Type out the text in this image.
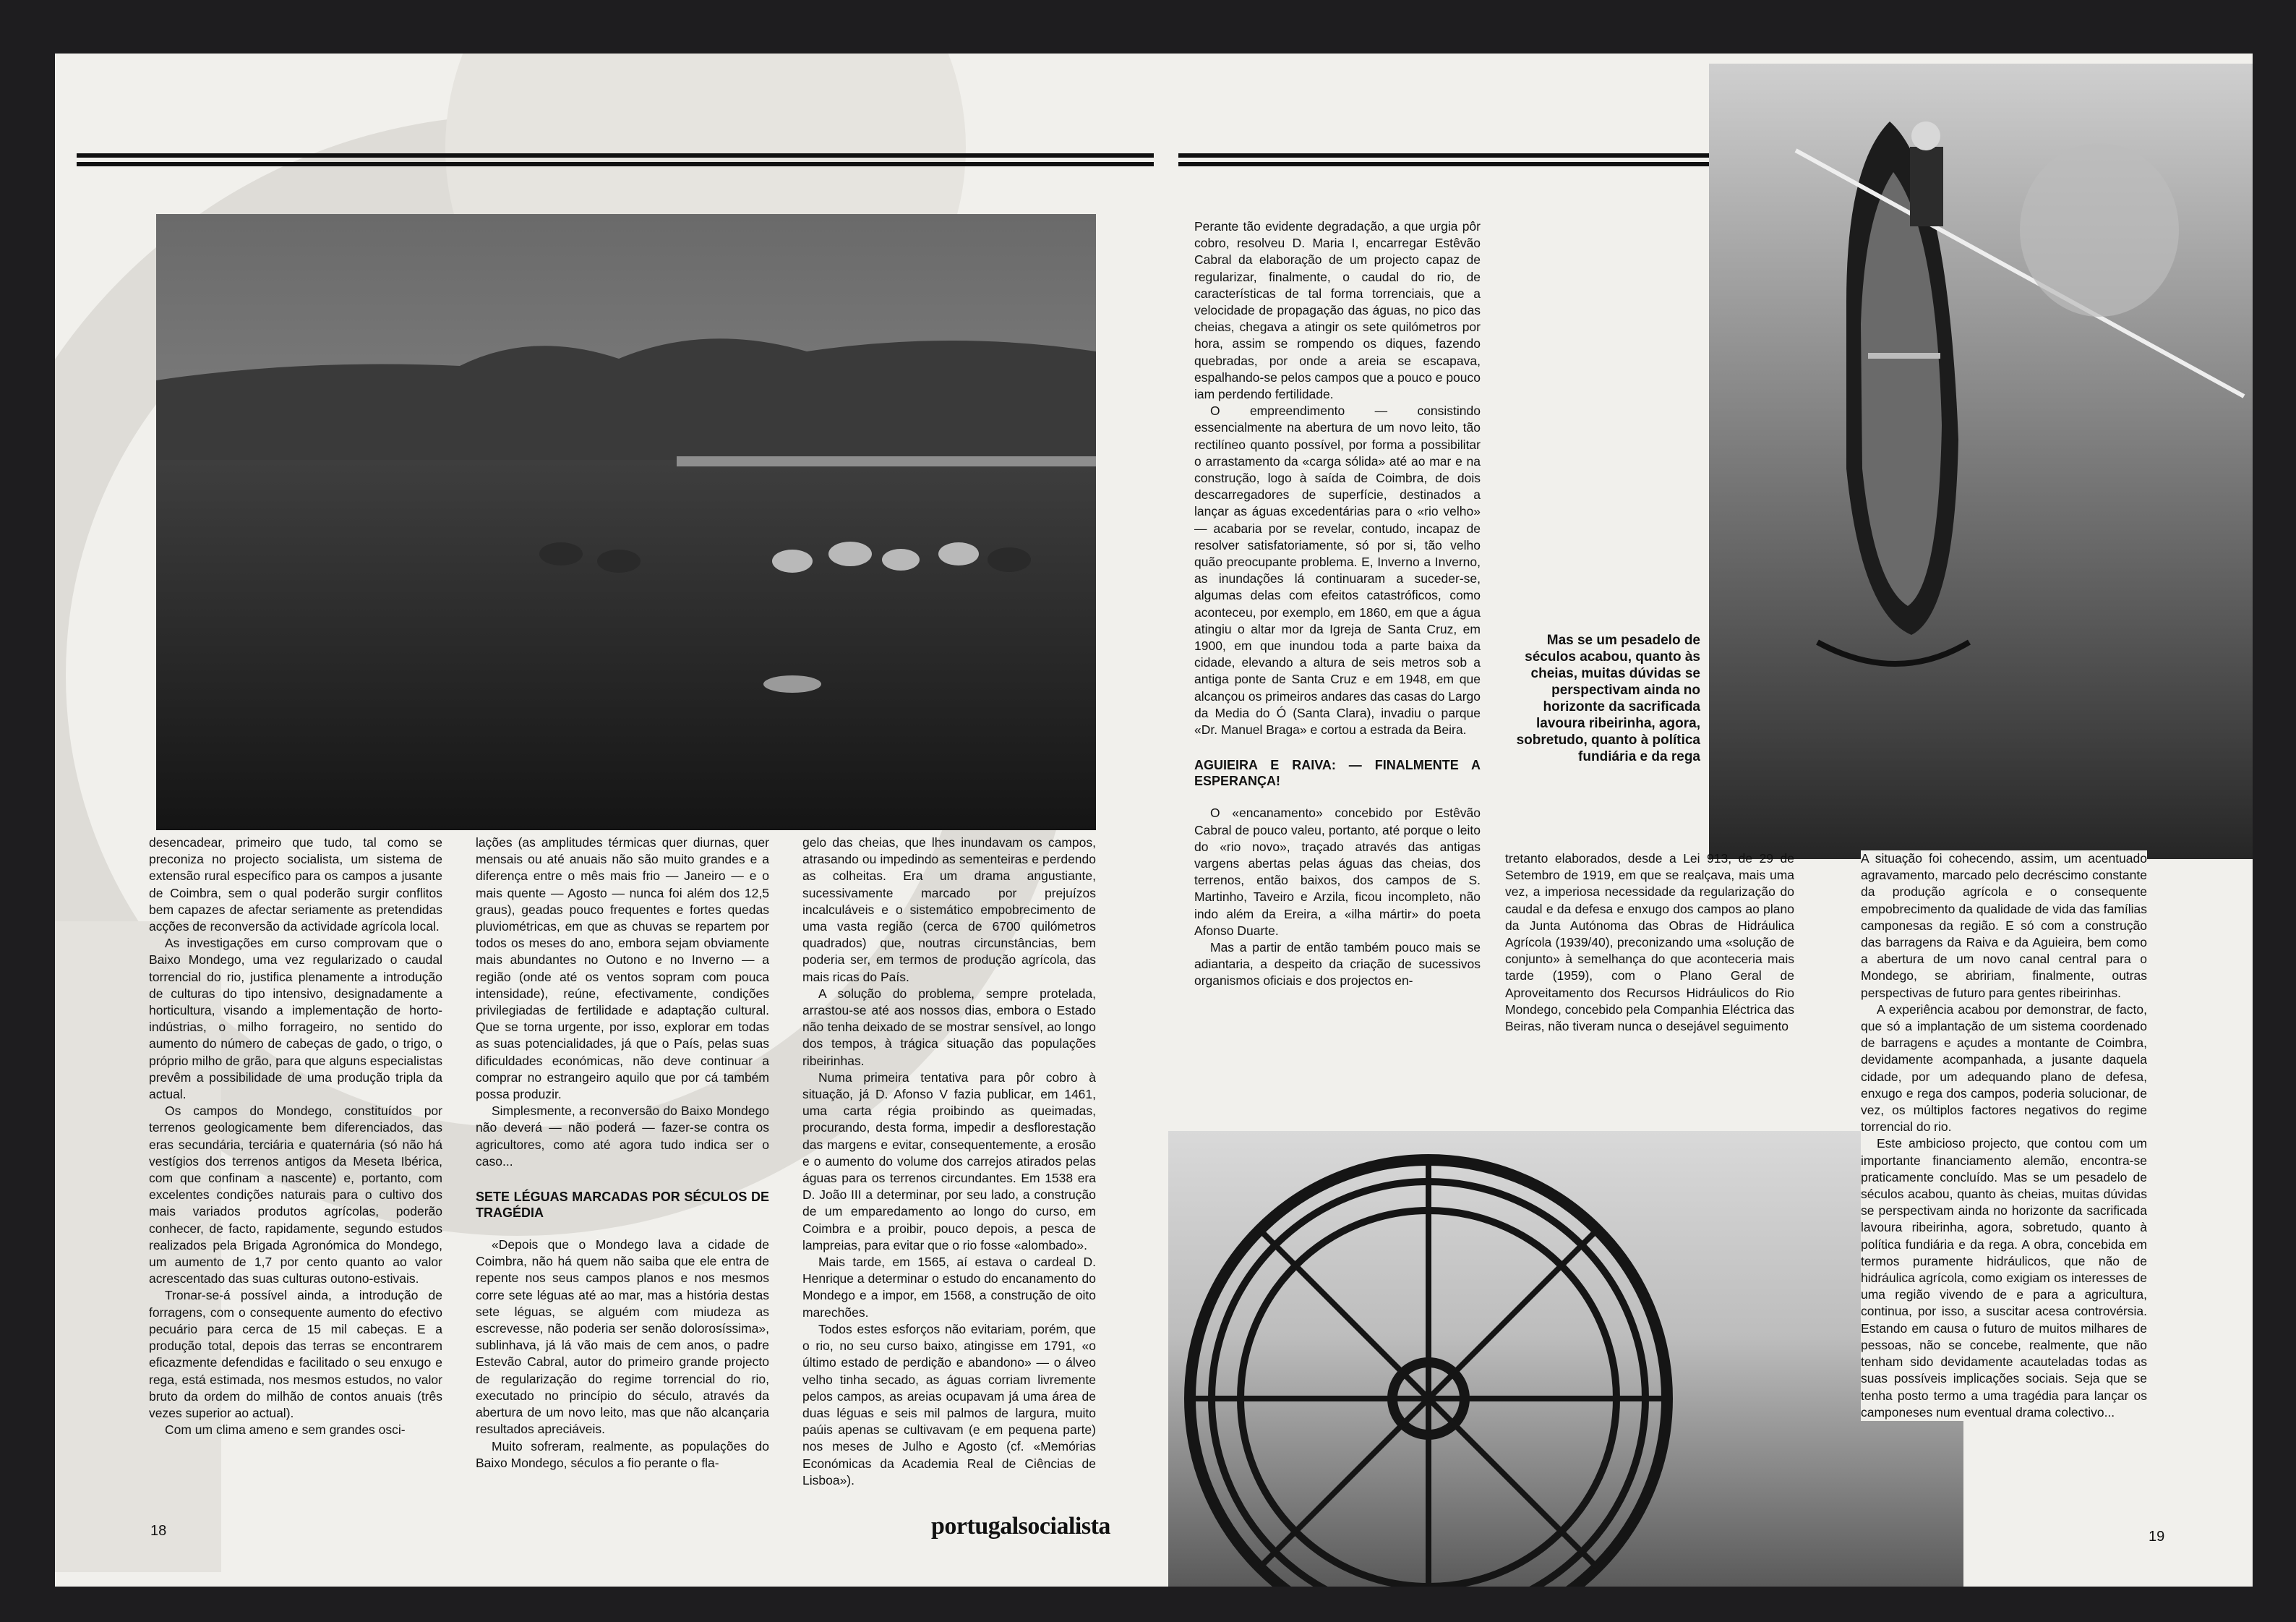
desencadear, primeiro que tudo, tal como se preconiza no projecto socialista, um sistema de extensão rural específico para os campos a jusante de Coimbra, sem o qual poderão surgir conflitos bem capazes de afectar seriamente as pretendidas acções de reconversão da actividade agrícola local.

As investigações em curso comprovam que o Baixo Mondego, uma vez regularizado o caudal torrencial do rio, justifica plenamente a introdução de culturas do tipo intensivo, designadamente a horticultura, visando a implementação de horto-indústrias, o milho forrageiro, no sentido do aumento do número de cabeças de gado, o trigo, o próprio milho de grão, para que alguns especialistas prevêm a possibilidade de uma produção tripla da actual.

Os campos do Mondego, constituídos por terrenos geologicamente bem diferenciados, das eras secundária, terciária e quaternária (só não há vestígios dos terrenos antigos da Meseta Ibérica, com que confinam a nascente) e, portanto, com excelentes condições naturais para o cultivo dos mais variados produtos agrícolas, poderão conhecer, de facto, rapidamente, segundo estudos realizados pela Brigada Agronómica do Mondego, um aumento de 1,7 por cento quanto ao valor acrescentado das suas culturas outono-estivais.

Tronar-se-á possível ainda, a introdução de forragens, com o consequente aumento do efectivo pecuário para cerca de 15 mil cabeças. E a produção total, depois das terras se encontrarem eficazmente defendidas e facilitado o seu enxugo e rega, está estimada, nos mesmos estudos, no valor bruto da ordem do milhão de contos anuais (três vezes superior ao actual).

Com um clima ameno e sem grandes osci-

lações (as amplitudes térmicas quer diurnas, quer mensais ou até anuais não são muito grandes e a diferença entre o mês mais frio — Janeiro — e o mais quente — Agosto — nunca foi além dos 12,5 graus), geadas pouco frequentes e fortes quedas pluviométricas, em que as chuvas se repartem por todos os meses do ano, embora sejam obviamente mais abundantes no Outono e no Inverno — a região (onde até os ventos sopram com pouca intensidade), reúne, efectivamente, condições privilegiadas de fertilidade e adaptação cultural. Que se torna urgente, por isso, explorar em todas as suas potencialidades, já que o País, pelas suas dificuldades económicas, não deve continuar a comprar no estrangeiro aquilo que por cá também possa produzir.

Simplesmente, a reconversão do Baixo Mondego não deverá — não poderá — fazer-se contra os agricultores, como até agora tudo indica ser o caso...

SETE LÉGUAS MARCADAS POR SÉCULOS DE TRAGÉDIA

«Depois que o Mondego lava a cidade de Coimbra, não há quem não saiba que ele entra de repente nos seus campos planos e nos mesmos corre sete léguas até ao mar, mas a história destas sete léguas, se alguém com miudeza as escrevesse, não poderia ser senão dolorosíssima», sublinhava, já lá vão mais de cem anos, o padre Estevão Cabral, autor do primeiro grande projecto de regularização do regime torrencial do rio, executado no princípio do século, através da abertura de um novo leito, mas que não alcançaria resultados apreciáveis.

Muito sofreram, realmente, as populações do Baixo Mondego, séculos a fio perante o fla-

gelo das cheias, que lhes inundavam os campos, atrasando ou impedindo as sementeiras e perdendo as colheitas. Era um drama angustiante, sucessivamente marcado por prejuízos incalculáveis e o sistemático empobrecimento de uma vasta região (cerca de 6700 quilómetros quadrados) que, noutras circunstâncias, bem poderia ser, em termos de produção agrícola, das mais ricas do País.

A solução do problema, sempre protelada, arrastou-se até aos nossos dias, embora o Estado não tenha deixado de se mostrar sensível, ao longo dos tempos, à trágica situação das populações ribeirinhas.

Numa primeira tentativa para pôr cobro à situação, já D. Afonso V fazia publicar, em 1461, uma carta régia proibindo as queimadas, procurando, desta forma, impedir a desflorestação das margens e evitar, consequentemente, a erosão e o aumento do volume dos carrejos atirados pelas águas para os terrenos circundantes. Em 1538 era D. João III a determinar, por seu lado, a construção de um emparedamento ao longo do curso, em Coimbra e a proibir, pouco depois, a pesca de lampreias, para evitar que o rio fosse «alombado».

Mais tarde, em 1565, aí estava o cardeal D. Henrique a determinar o estudo do encanamento do Mondego e a impor, em 1568, a construção de oito marechões.

Todos estes esforços não evitariam, porém, que o rio, no seu curso baixo, atingisse em 1791, «o último estado de perdição e abandono» — o álveo velho tinha secado, as águas corriam livremente pelos campos, as areias ocupavam já uma área de duas léguas e seis mil palmos de largura, muito paúis apenas se cultivavam (e em pequena parte) nos meses de Julho e Agosto (cf. «Memórias Económicas da Academia Real de Ciências de Lisboa»).

18	portugalsocialista

Perante tão evidente degradação, a que urgia pôr cobro, resolveu D. Maria I, encarregar Estêvão Cabral da elaboração de um projecto capaz de regularizar, finalmente, o caudal do rio, de características de tal forma torrenciais, que a velocidade de propagação das águas, no pico das cheias, chegava a atingir os sete quilómetros por hora, assim se rompendo os diques, fazendo quebradas, por onde a areia se escapava, espalhando-se pelos campos que a pouco e pouco iam perdendo fertilidade.

O empreendimento — consistindo essencialmente na abertura de um novo leito, tão rectilíneo quanto possível, por forma a possibilitar o arrastamento da «carga sólida» até ao mar e na construção, logo à saída de Coimbra, de dois descarregadores de superfície, destinados a lançar as águas excedentárias para o «rio velho» — acabaria por se revelar, contudo, incapaz de resolver satisfatoriamente, só por si, tão velho quão preocupante problema. E, Inverno a Inverno, as inundações lá continuaram a suceder-se, algumas delas com efeitos catastróficos, como aconteceu, por exemplo, em 1860, em que a água atingiu o altar mor da Igreja de Santa Cruz, em 1900, em que inundou toda a parte baixa da cidade, elevando a altura de seis metros sob a antiga ponte de Santa Cruz e em 1948, em que alcançou os primeiros andares das casas do Largo da Media do Ó (Santa Clara), invadiu o parque «Dr. Manuel Braga» e cortou a estrada da Beira.

AGUIEIRA E RAIVA: — FINALMENTE A ESPERANÇA!

O «encanamento» concebido por Estêvão Cabral de pouco valeu, portanto, até porque o leito do «rio novo», traçado através das antigas vargens abertas pelas águas das cheias, dos terrenos, então baixos, dos campos de S. Martinho, Taveiro e Arzila, ficou incompleto, não indo além da Ereira, a «ilha mártir» do poeta Afonso Duarte.

Mas a partir de então também pouco mais se adiantaria, a despeito da criação de sucessivos organismos oficiais e dos projectos en-

tretanto elaborados, desde a Lei 913, de 29 de Setembro de 1919, em que se realçava, mais uma vez, a imperiosa necessidade da regularização do caudal e da defesa e enxugo dos campos ao plano da Junta Autónoma das Obras de Hidráulica Agrícola (1939/40), preconizando uma «solução de conjunto» à semelhança do que aconteceria mais tarde (1959), com o Plano Geral de Aproveitamento dos Recursos Hidráulicos do Rio Mondego, concebido pela Companhia Eléctrica das Beiras, não tiveram nunca o desejável seguimento

A situação foi cohecendo, assim, um acentuado agravamento, marcado pelo decréscimo constante da produção agrícola e o consequente empobrecimento da qualidade de vida das famílias camponesas da região. E só com a construção das barragens da Raiva e da Aguieira, bem como a abertura de um novo canal central para o Mondego, se abririam, finalmente, outras perspectivas de futuro para gentes ribeirinhas.

A experiência acabou por demonstrar, de facto, que só a implantação de um sistema coordenado de barragens e açudes a montante de Coimbra, devidamente acompanhada, a jusante daquela cidade, por um adequando plano de defesa, enxugo e rega dos campos, poderia solucionar, de vez, os múltiplos factores negativos do regime torrencial do rio.

Este ambicioso projecto, que contou com um importante financiamento alemão, encontra-se praticamente concluído. Mas se um pesadelo de séculos acabou, quanto às cheias, muitas dúvidas se perspectivam ainda no horizonte da sacrificada lavoura ribeirinha, agora, sobretudo, quanto à política fundiária e da rega. A obra, concebida em termos puramente hidráulicos, que não de hidráulica agrícola, como exigiam os interesses de uma região vivendo de e para a agricultura, continua, por isso, a suscitar acesa controvérsia. Estando em causa o futuro de muitos milhares de pessoas, não se concebe, realmente, que não tenham sido devidamente acauteladas todas as suas possíveis implicações sociais. Seja que se tenha posto termo a uma tragédia para lançar os camponeses num eventual drama colectivo...

Mas se um pesadelo de séculos acabou, quanto às cheias, muitas dúvidas se perspectivam ainda no horizonte da sacrificada lavoura ribeirinha, agora, sobretudo, quanto à política fundiária e da rega
19
